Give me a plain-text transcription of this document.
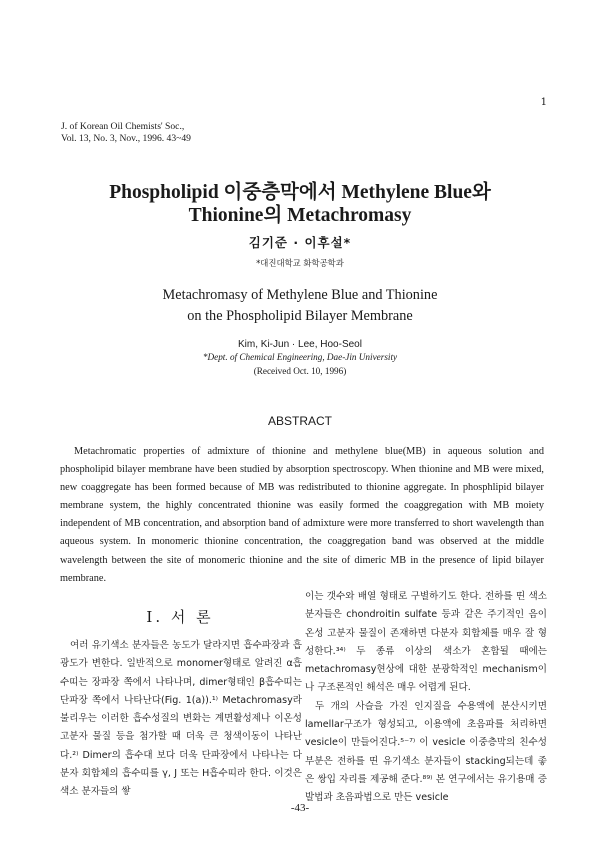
1
J. of Korean Oil Chemists' Soc.,
Vol. 13, No. 3, Nov., 1996. 43~49
Phospholipid 이중층막에서 Methylene Blue와
Thionine의 Metachromasy
김기준 · 이후설*
*대진대학교 화학공학과
Metachromasy of Methylene Blue and Thionine
on the Phospholipid Bilayer Membrane
Kim, Ki-Jun · Lee, Hoo-Seol
*Dept. of Chemical Engineering, Dae-Jin University
(Received Oct. 10, 1996)
ABSTRACT

Metachromatic properties of admixture of thionine and methylene blue(MB) in aqueous solution and phospholipid bilayer membrane have been studied by absorption spectroscopy. When thionine and MB were mixed, new coaggregate has been formed because of MB was redistributed to thionine aggregate. In phosphlipid bilayer membrane system, the highly concentrated thionine was easily formed the coaggregation with MB moiety independent of MB concentration, and absorption band of admixture were more transferred to short wavelength than aqueous system. In monomeric thionine concentration, the coaggregation band was observed at the middle wavelength between the site of monomeric thionine and the site of dimeric MB in the presence of lipid bilayer membrane.

I. 서 론

여러 유기색소 분자들은 농도가 달라지면 흡수파장과 흡광도가 변한다. 일반적으로 monomer형태로 알려진 α흡수띠는 장파장 쪽에서 나타나며, dimer형태인 β흡수띠는 단파장 쪽에서 나타난다(Fig. 1(a)).¹⁾ Metachromasy라 불리우는 이러한 흡수성질의 변화는 계면활성제나 이온성 고분자 물질 등을 첨가할 때 더욱 큰 청색이동이 나타난다.²⁾ Dimer의 흡수대 보다 더욱 단파장에서 나타나는 다분자 회합체의 흡수띠를 γ, J 또는 H흡수띠라 한다. 이것은 색소 분자들의 쌓

이는 갯수와 배열 형태로 구별하기도 한다. 전하를 띤 색소 분자들은 chondroitin sulfate 등과 같은 주기적인 음이온성 고분자 물질이 존재하면 다분자 회합체를 매우 잘 형성한다.³⁴⁾ 두 종류 이상의 색소가 혼합될 때에는 metachromasy현상에 대한 분광학적인 mechanism이나 구조론적인 해석은 매우 어렵게 된다.

두 개의 사슬을 가진 인지질을 수용액에 분산시키면 lamellar구조가 형성되고, 이용액에 초음파를 처리하면 vesicle이 만들어진다.⁵⁻⁷⁾ 이 vesicle 이중층막의 친수성 부분은 전하를 띤 유기색소 분자들이 stacking되는데 좋은 쌍입 자리를 제공해 준다.⁸⁹⁾ 본 연구에서는 유기용매 증발법과 초음파법으로 만든 vesicle

-43-
